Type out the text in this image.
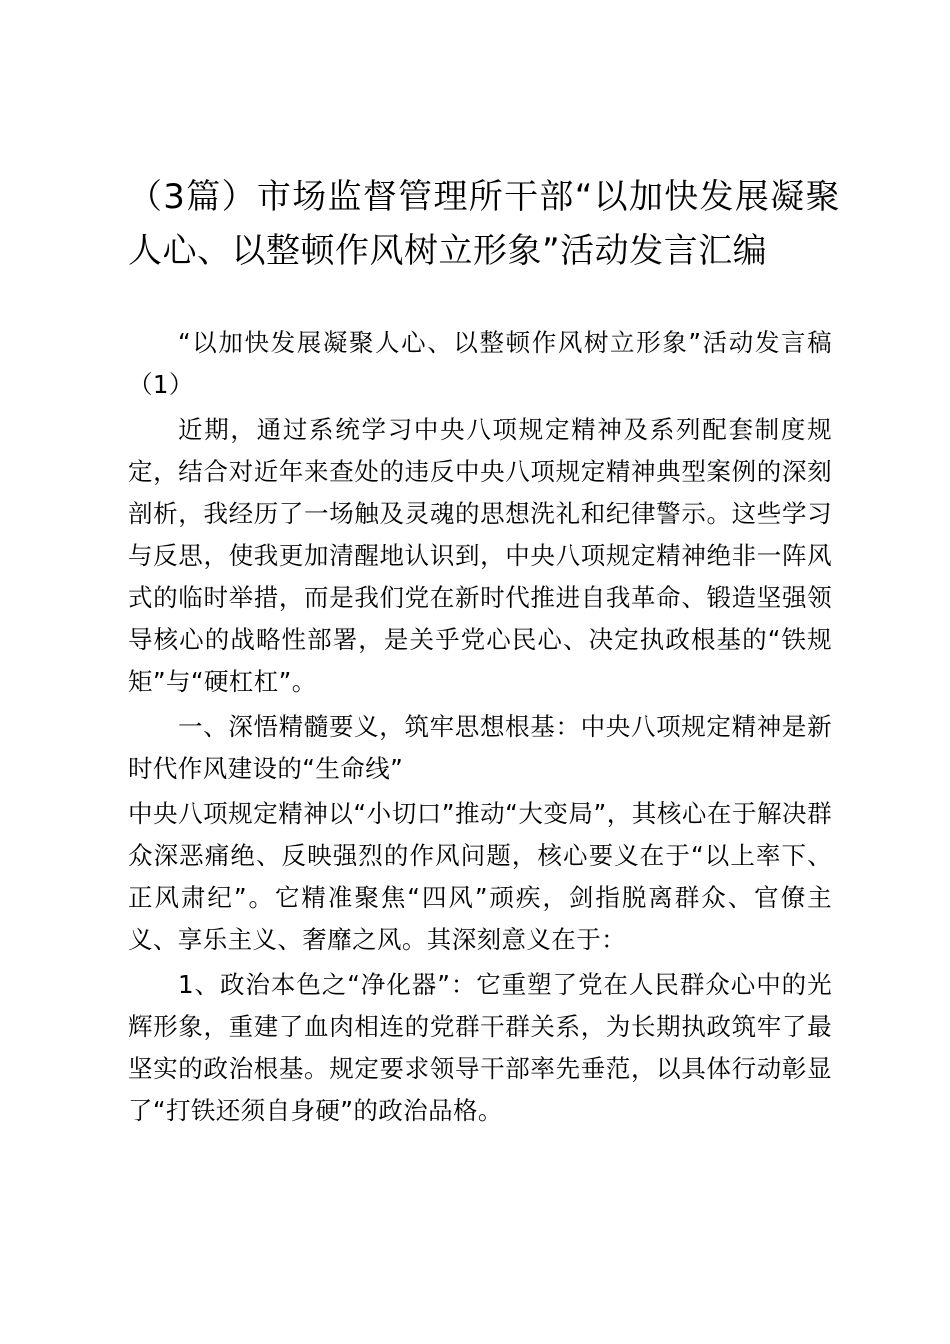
（3篇）市场监督管理所干部“以加快发展凝聚人心、以整顿作风树立形象”活动发言汇编

“以加快发展凝聚人心、以整顿作风树立形象”活动发言稿（1）

近期，通过系统学习中央八项规定精神及系列配套制度规定，结合对近年来查处的违反中央八项规定精神典型案例的深刻剖析，我经历了一场触及灵魂的思想洗礼和纪律警示。这些学习与反思，使我更加清醒地认识到，中央八项规定精神绝非一阵风式的临时举措，而是我们党在新时代推进自我革命、锻造坚强领导核心的战略性部署，是关乎党心民心、决定执政根基的“铁规矩”与“硬杠杠”。

一、深悟精髓要义，筑牢思想根基：中央八项规定精神是新时代作风建设的“生命线”

中央八项规定精神以“小切口”推动“大变局”，其核心在于解决群众深恶痛绝、反映强烈的作风问题，核心要义在于“以上率下、正风肃纪”。它精准聚焦“四风”顽疾，剑指脱离群众、官僚主义、享乐主义、奢靡之风。其深刻意义在于：

1、政治本色之“净化器”：它重塑了党在人民群众心中的光辉形象，重建了血肉相连的党群干群关系，为长期执政筑牢了最坚实的政治根基。规定要求领导干部率先垂范，以具体行动彰显了“打铁还须自身硬”的政治品格。
